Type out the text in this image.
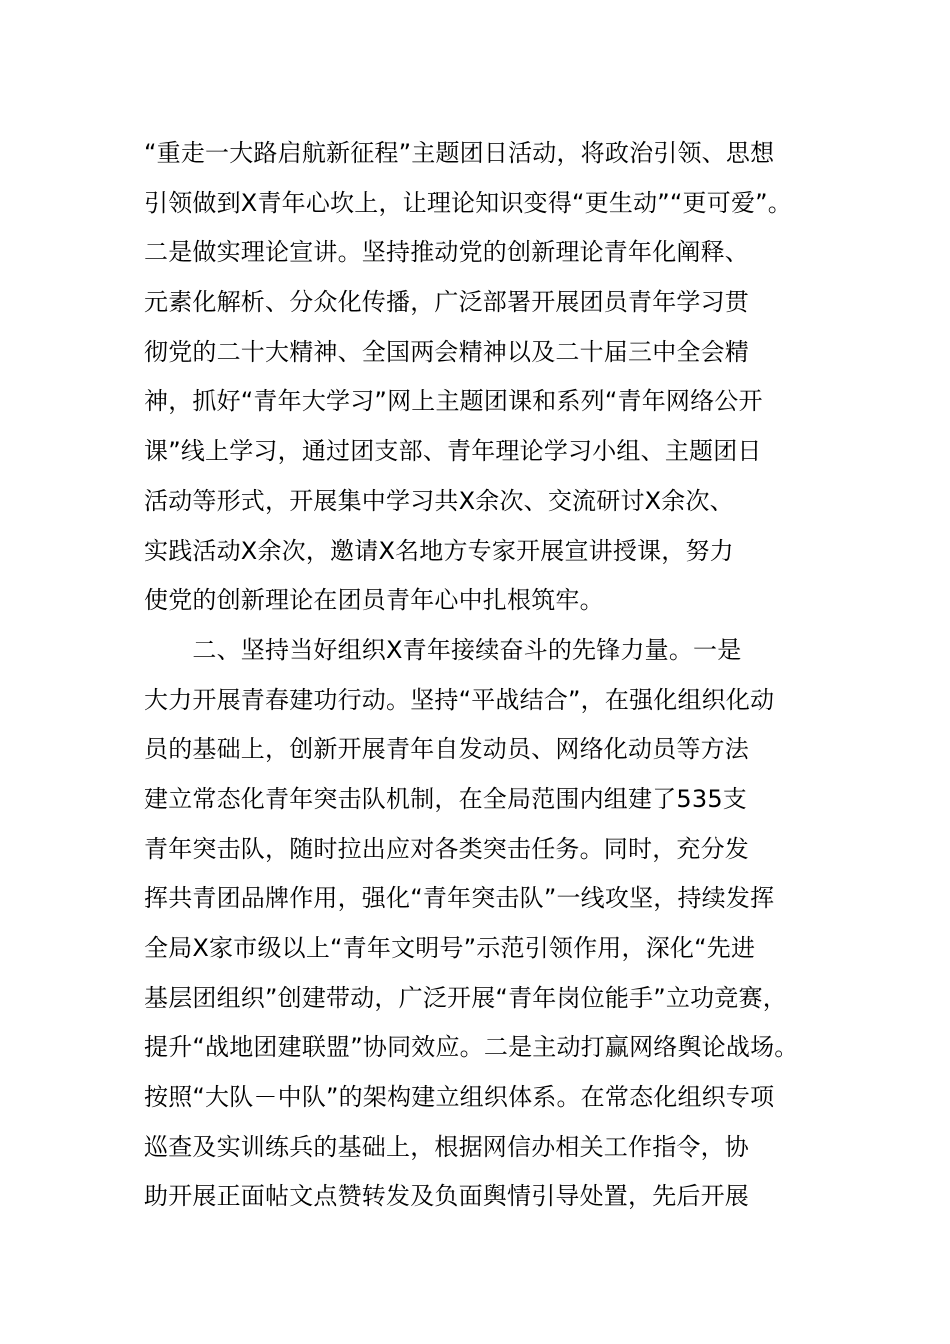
“重走一大路启航新征程”主题团日活动，将政治引领、思想
引领做到X青年心坎上，让理论知识变得“更生动”“更可爱”。
二是做实理论宣讲。坚持推动党的创新理论青年化阐释、
元素化解析、分众化传播，广泛部署开展团员青年学习贯
彻党的二十大精神、全国两会精神以及二十届三中全会精
神，抓好“青年大学习”网上主题团课和系列“青年网络公开
课”线上学习，通过团支部、青年理论学习小组、主题团日
活动等形式，开展集中学习共X余次、交流研讨X余次、
实践活动X余次，邀请X名地方专家开展宣讲授课，努力
使党的创新理论在团员青年心中扎根筑牢。
　　二、坚持当好组织X青年接续奋斗的先锋力量。一是
大力开展青春建功行动。坚持“平战结合”，在强化组织化动
员的基础上，创新开展青年自发动员、网络化动员等方法
建立常态化青年突击队机制，在全局范围内组建了535支
青年突击队，随时拉出应对各类突击任务。同时，充分发
挥共青团品牌作用，强化“青年突击队”一线攻坚，持续发挥
全局X家市级以上“青年文明号”示范引领作用，深化“先进
基层团组织”创建带动，广泛开展“青年岗位能手”立功竞赛，
提升“战地团建联盟”协同效应。二是主动打赢网络舆论战场。
按照“大队－中队”的架构建立组织体系。在常态化组织专项
巡查及实训练兵的基础上，根据网信办相关工作指令，协
助开展正面帖文点赞转发及负面舆情引导处置，先后开展
